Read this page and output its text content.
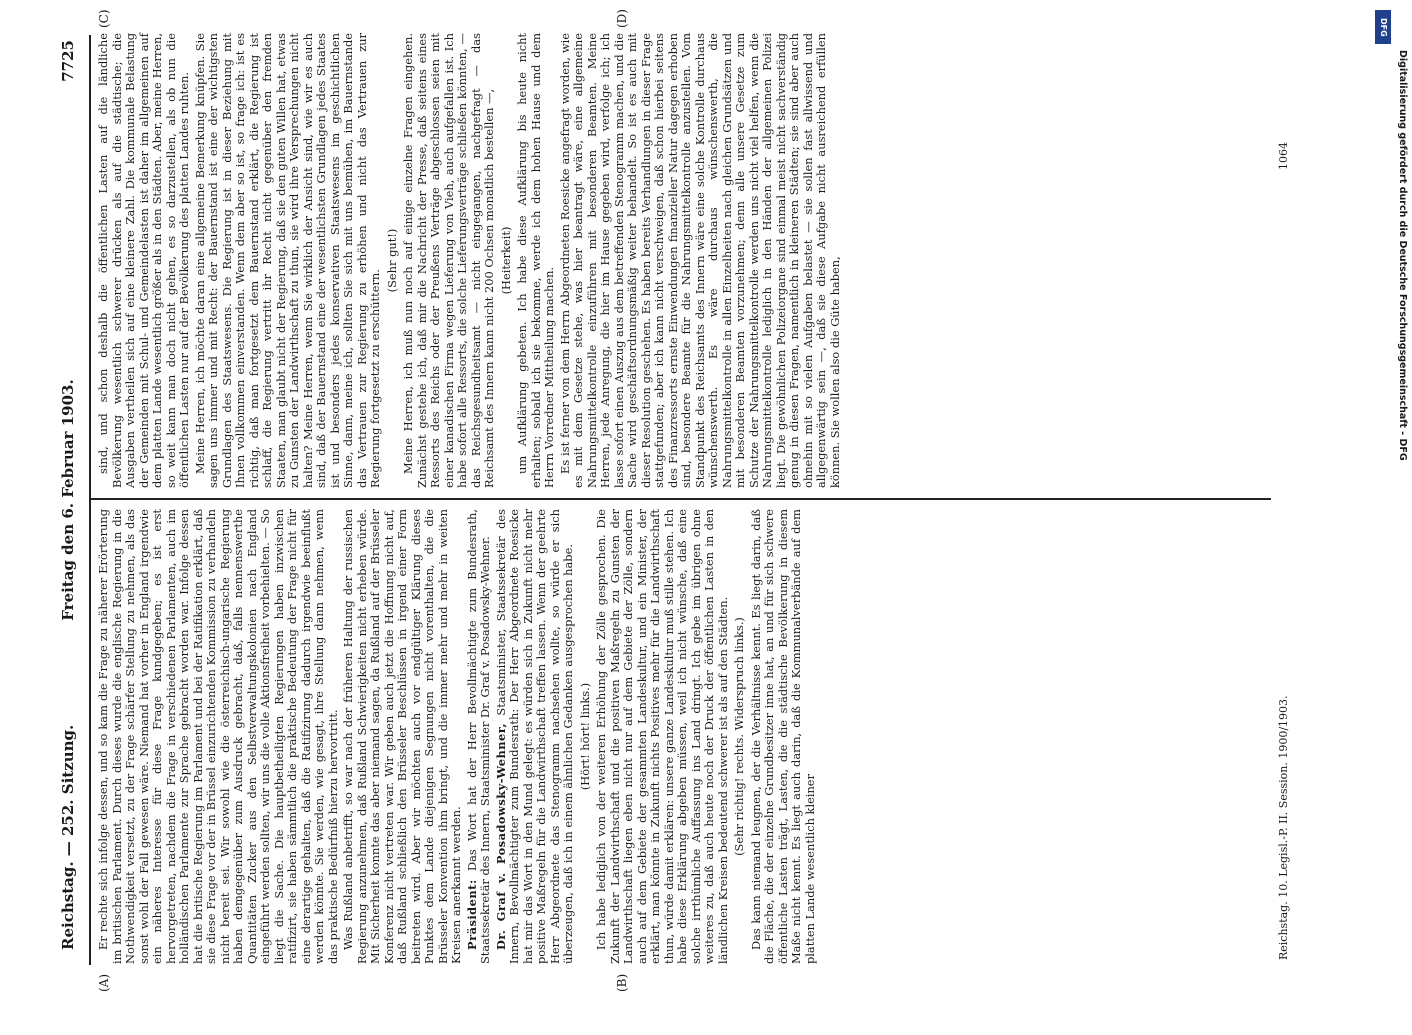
Reichstag. — 252. Sitzung.
Freitag den 6. Februar 1903.
7725
(A)	(B)
(C)	(D)

Er rechte sich infolge dessen, und so kam die Frage zu näherer Erörterung im britischen Parlament. Durch dieses wurde die englische Regierung in die Nothwendigkeit versetzt, zu der Frage schärfer Stellung zu nehmen, als das sonst wohl der Fall gewesen wäre. Niemand hat vorher in England irgendwie ein näheres Interesse für diese Frage kundgegeben; es ist erst hervorgetreten, nachdem die Frage in verschiedenen Parlamenten, auch im holländischen Parlamente zur Sprache gebracht worden war. Infolge dessen hat die britische Regierung im Parlament und bei der Ratifikation erklärt, daß sie diese Frage vor der in Brüssel einzurichtenden Kommission zu verhandeln nicht bereit sei. Wir sowohl wie die österreichisch-ungarische Regierung haben demgegenüber zum Ausdruck gebracht, daß, falls nennenswerthe Quantitäten Zucker aus den Selbstverwaltungskolonien nach England eingeführt werden sollten, wir uns die volle Aktionsfreiheit vorbehielten. — So liegt die Sache. Die hauptbetheiligten Regierungen haben inzwischen ratifizirt, sie haben sämmtlich die praktische Bedeutung der Frage nicht für eine derartige gehalten, daß die Ratifizirung dadurch irgendwie beeinflußt werden könnte. Sie werden, wie gesagt, ihre Stellung dann nehmen, wenn das praktische Bedürfniß hierzu hervortritt. Was Rußland anbetrifft, so war nach der früheren Haltung der russischen Regierung anzunehmen, daß Rußland Schwierigkeiten nicht erheben würde. Mit Sicherheit konnte das aber niemand sagen, da Rußland auf der Brüsseler Konferenz nicht vertreten war. Wir geben auch jetzt die Hoffnung nicht auf, daß Rußland schließlich den Brüsseler Beschlüssen in irgend einer Form beitreten wird. Aber wir möchten auch vor endgültiger Klärung dieses Punktes dem Lande diejenigen Segnungen nicht vorenthalten, die die Brüsseler Konvention ihm bringt, und die immer mehr und mehr in weiten Kreisen anerkannt werden. Präsident: Das Wort hat der Herr Bevollmächtigte zum Bundesrath, Staatssekretär des Innern, Staatsminister Dr. Graf v. Posadowsky-Wehner. Dr. Graf v. Posadowsky-Wehner, Staatsminister, Staatssekretär des Innern, Bevollmächtigter zum Bundesrath: Der Herr Abgeordnete Roesicke hat mir das Wort in den Mund gelegt: es würden sich in Zukunft nicht mehr positive Maßregeln für die Landwirthschaft treffen lassen. Wenn der geehrte Herr Abgeordnete das Stenogramm nachsehen wollte, so würde er sich überzeugen, daß ich in einem ähnlichen Gedanken ausgesprochen habe. (Hört! hört! links.) Ich habe lediglich von der weiteren Erhöhung der Zölle gesprochen. Die Zukunft der Landwirthschaft und die positiven Maßregeln zu Gunsten der Landwirthschaft liegen eben nicht nur auf dem Gebiete der Zölle, sondern auch auf dem Gebiete der gesammten Landeskultur, und ein Minister, der erklärt, man könnte in Zukunft nichts Positives mehr für die Landwirthschaft thun, würde damit erklären: unsere ganze Landeskultur muß stille stehen. Ich habe diese Erklärung abgeben müssen, weil ich nicht wünsche, daß eine solche irrthümliche Auffassung ins Land dringt. Ich gebe im übrigen ohne weiteres zu, daß auch heute noch der Druck der öffentlichen Lasten in den ländlichen Kreisen bedeutend schwerer ist als auf den Städten. (Sehr richtig! rechts. Widerspruch links.) Das kann niemand leugnen, der die Verhältnisse kennt. Es liegt darin, daß die Fläche, die der einzelne Grundbesitzer inne hat, an und für sich schwere öffentliche Lasten trägt, Lasten, die die städtische Bevölkerung in diesem Maße nicht kennt. Es liegt auch darin, daß die Kommunalverbände auf dem platten Lande wesentlich kleiner

sind, und schon deshalb die öffentlichen Lasten auf die ländliche Bevölkerung wesentlich schwerer drücken als auf die städtische; die Ausgaben vertheilen sich auf eine kleinere Zahl. Die kommunale Belastung der Gemeinden mit Schul- und Gemeindelasten ist daher im allgemeinen auf dem platten Lande wesentlich größer als in den Städten. Aber, meine Herren, so weit kann man doch nicht gehen, es so darzustellen, als ob nun die öffentlichen Lasten nur auf der Bevölkerung des platten Landes ruhten. Meine Herren, ich möchte daran eine allgemeine Bemerkung knüpfen. Sie sagen uns immer und mit Recht: der Bauernstand ist eine der wichtigsten Grundlagen des Staatswesens. Die Regierung ist in dieser Beziehung mit Ihnen vollkommen einverstanden. Wenn dem aber so ist, so frage ich: ist es richtig, daß man fortgesetzt dem Bauernstand erklärt, die Regierung ist schlaff, die Regierung vertritt ihr Recht nicht gegenüber den fremden Staaten, man glaubt nicht der Regierung, daß sie den guten Willen hat, etwas zu Gunsten der Landwirthschaft zu thun, sie wird ihre Versprechungen nicht halten? Meine Herren, wenn Sie wirklich der Ansicht sind, wie wir es auch sind, daß der Bauernstand eine der wesentlichsten Grundlagen jedes Staates ist und besonders jedes konservativen Staatswesens im geschichtlichen Sinne, dann, meine ich, sollten Sie sich mit uns bemühen, im Bauernstande das Vertrauen zur Regierung zu erhöhen und nicht das Vertrauen zur Regierung fortgesetzt zu erschüttern.

(Sehr gut!) Meine Herren, ich muß nun noch auf einige einzelne Fragen eingehen. Zunächst gestehe ich, daß mir die Nachricht der Presse, daß seitens eines Ressorts des Reichs oder der Preußens Verträge abgeschlossen seien mit einer kanadischen Firma wegen Lieferung von Vieh, auch aufgefallen ist. Ich habe sofort alle Ressorts, die solche Lieferungsverträge schließen könnten, — das Reichsgesundheitsamt — nicht eingegangen, nachgefragt — das Reichsamt des Innern kann nicht 200 Ochsen monatlich bestellen —, (Heiterkeit) um Aufklärung gebeten. Ich habe diese Aufklärung bis heute nicht erhalten; sobald ich sie bekomme, werde ich dem hohen Hause und dem Herrn Vorredner Mittheilung machen. Es ist ferner von dem Herrn Abgeordneten Roesicke angefragt worden, wie es mit dem Gesetze stehe, was hier beantragt wäre, eine allgemeine Nahrungsmittelkontrolle einzuführen mit besonderen Beamten. Meine Herren, jede Anregung, die hier im Hause gegeben wird, verfolge ich; ich lasse sofort einen Auszug aus dem betreffenden Stenogramm machen, und die Sache wird geschäftsordnungsmäßig weiter behandelt. So ist es auch mit dieser Resolution geschehen. Es haben bereits Verhandlungen in dieser Frage stattgefunden; aber ich kann nicht verschweigen, daß schon hierbei seitens des Finanzressorts ernste Einwendungen finanzieller Natur dagegen erhoben sind, besondere Beamte für die Nahrungsmittelkontrolle anzustellen. Vom Standpunkt des Reichsamts des Innern wäre eine solche Kontrolle durchaus wünschenswerth. Es wäre durchaus wünschenswerth, die Nahrungsmittelkontrolle in allen Einzelheiten nach gleichen Grundsätzen und mit besonderen Beamten vorzunehmen; denn alle unsere Gesetze zum Schutze der Nahrungsmittelkontrolle werden uns nicht viel helfen, wenn die Nahrungsmittelkontrolle lediglich in den Händen der allgemeinen Polizei liegt. Die gewöhnlichen Polizeiorgane sind einmal meist nicht sachverständig genug in diesen Fragen, namentlich in kleineren Städten; sie sind aber auch ohnehin mit so vielen Aufgaben belastet — sie sollen fast allwissend und allgegenwärtig sein —, daß sie diese Aufgabe nicht ausreichend erfüllen können. Sie wollen also die Güte haben,

Reichstag. 10. Legisl.-P. II. Session. 1900/1903.
1064
DFG
Digitalisierung gefördert durch die Deutsche Forschungsgemeinschaft - DFG
